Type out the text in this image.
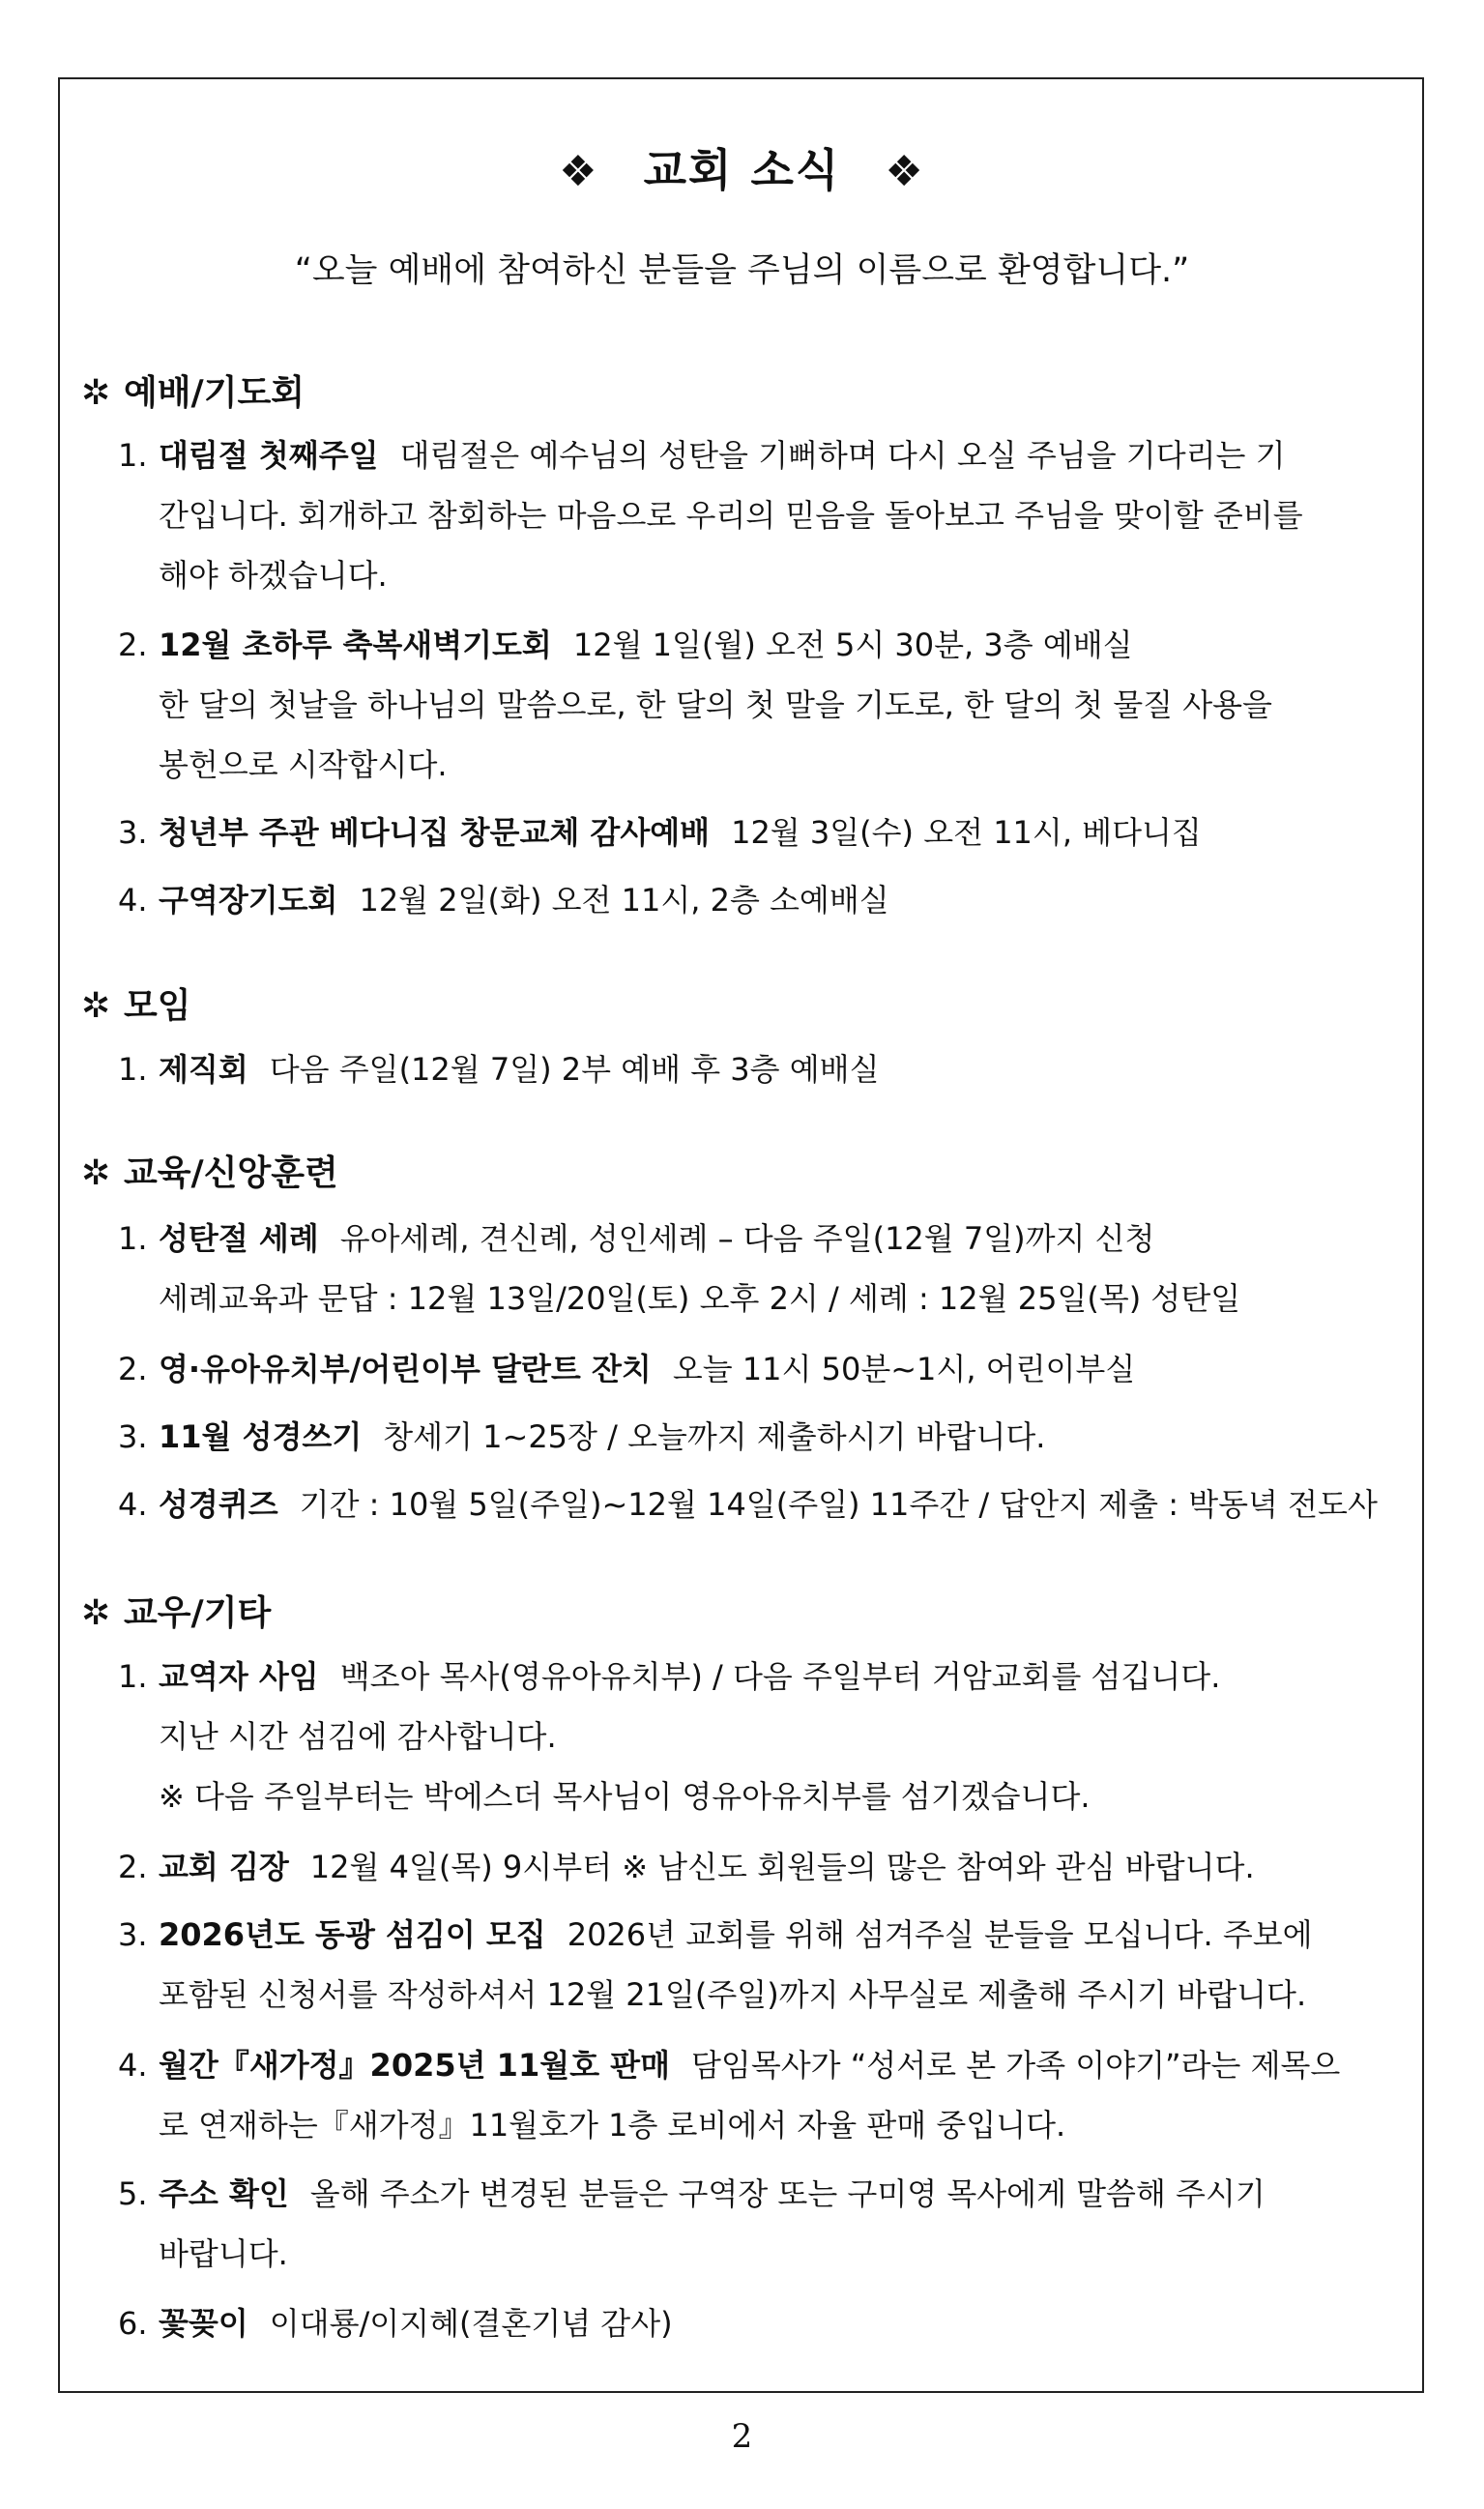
❖ 교회 소식 ❖
“오늘 예배에 참여하신 분들을 주님의 이름으로 환영합니다.”
✲ 예배/기도회
1. 대림절 첫째주일 대림절은 예수님의 성탄을 기뻐하며 다시 오실 주님을 기다리는 기
간입니다. 회개하고 참회하는 마음으로 우리의 믿음을 돌아보고 주님을 맞이할 준비를
해야 하겠습니다.
2. 12월 초하루 축복새벽기도회 12월 1일(월) 오전 5시 30분, 3층 예배실
한 달의 첫날을 하나님의 말씀으로, 한 달의 첫 말을 기도로, 한 달의 첫 물질 사용을
봉헌으로 시작합시다.
3. 청년부 주관 베다니집 창문교체 감사예배 12월 3일(수) 오전 11시, 베다니집
4. 구역장기도회 12월 2일(화) 오전 11시, 2층 소예배실
✲ 모임
1. 제직회 다음 주일(12월 7일) 2부 예배 후 3층 예배실
✲ 교육/신앙훈련
1. 성탄절 세례 유아세례, 견신례, 성인세례 – 다음 주일(12월 7일)까지 신청
세례교육과 문답 : 12월 13일/20일(토) 오후 2시 / 세례 : 12월 25일(목) 성탄일
2. 영·유아유치부/어린이부 달란트 잔치 오늘 11시 50분~1시, 어린이부실
3. 11월 성경쓰기 창세기 1~25장 / 오늘까지 제출하시기 바랍니다.
4. 성경퀴즈 기간 : 10월 5일(주일)~12월 14일(주일) 11주간 / 답안지 제출 : 박동녁 전도사
✲ 교우/기타
1. 교역자 사임 백조아 목사(영유아유치부) / 다음 주일부터 거암교회를 섬깁니다.
지난 시간 섬김에 감사합니다.
※ 다음 주일부터는 박에스더 목사님이 영유아유치부를 섬기겠습니다.
2. 교회 김장 12월 4일(목) 9시부터 ※ 남신도 회원들의 많은 참여와 관심 바랍니다.
3. 2026년도 동광 섬김이 모집 2026년 교회를 위해 섬겨주실 분들을 모십니다. 주보에
포함된 신청서를 작성하셔서 12월 21일(주일)까지 사무실로 제출해 주시기 바랍니다.
4. 월간『새가정』2025년 11월호 판매 담임목사가 “성서로 본 가족 이야기”라는 제목으
로 연재하는『새가정』11월호가 1층 로비에서 자율 판매 중입니다.
5. 주소 확인 올해 주소가 변경된 분들은 구역장 또는 구미영 목사에게 말씀해 주시기
바랍니다.
6. 꽃꽂이 이대룡/이지혜(결혼기념 감사)
2
